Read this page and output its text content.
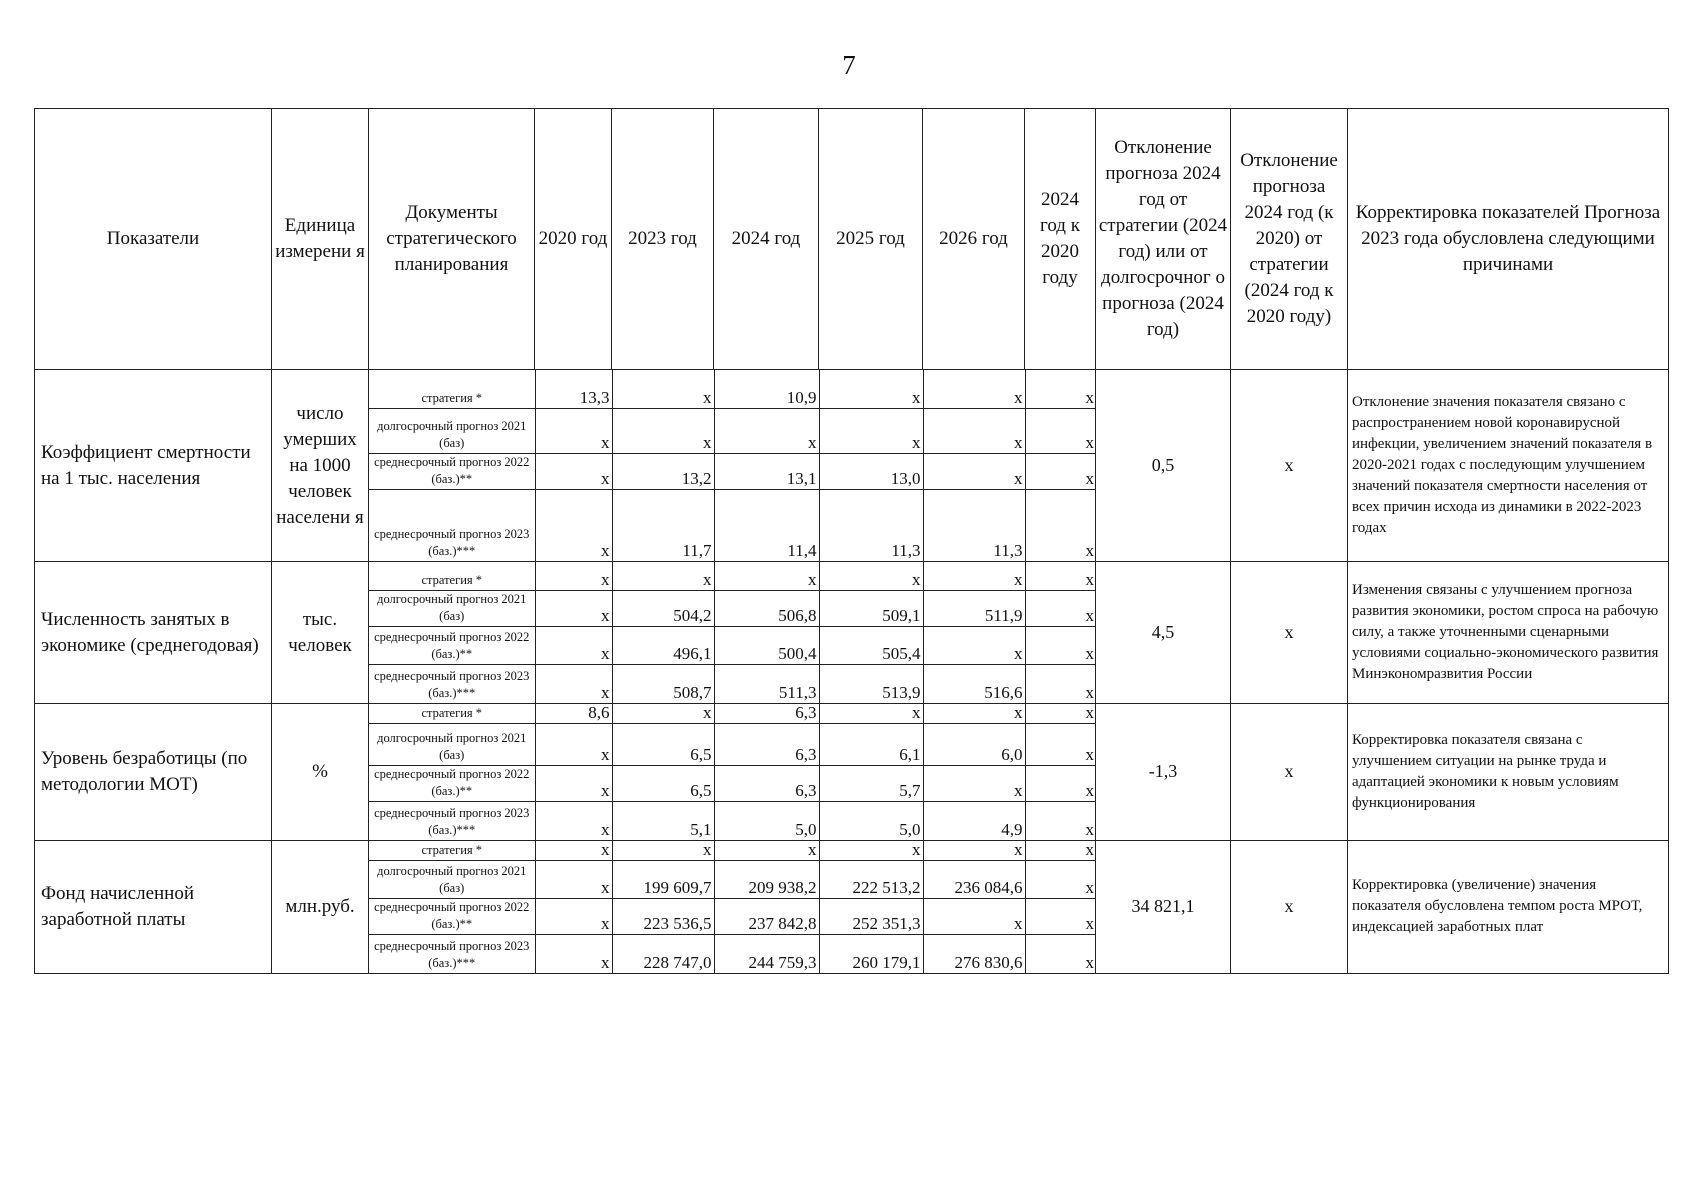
7
Показатели	Единица измерени я	Документы стратегического планирования	2020 год	2023 год	2024 год	2025 год	2026 год	2024 год к 2020 году	Отклонение прогноза 2024 год от стратегии (2024 год) или от долгосрочног о прогноза (2024 год)	Отклонение прогноза 2024 год (к 2020) от стратегии (2024 год к 2020 году)	Корректировка показателей Прогноза 2023 года обусловлена следующими причинами
Коэффициент смертности на 1 тыс. населения	число умерших на 1000 человек населени я	
стратегия *	13,3	х	10,9	х	х	х
долгосрочный прогноз 2021 (баз)	х	х	х	х	х	х
среднесрочный прогноз 2022 (баз.)**	х	13,2	13,1	13,0	х	х
среднесрочный прогноз 2023 (баз.)***	х	11,7	11,4	11,3	11,3	х
	0,5	х	Отклонение значения показателя связано с распространением новой коронавирусной инфекции, увеличением значений показателя в 2020-2021 годах с последующим улучшением значений показателя смертности населения от всех причин исхода из динамики в 2022-2023 годах
Численность занятых в экономике (среднегодовая)	тыс. человек	
стратегия *	х	х	х	х	х	х
долгосрочный прогноз 2021 (баз)	х	504,2	506,8	509,1	511,9	х
среднесрочный прогноз 2022 (баз.)**	х	496,1	500,4	505,4	х	х
среднесрочный прогноз 2023 (баз.)***	х	508,7	511,3	513,9	516,6	х
	4,5	х	Изменения связаны с улучшением прогноза развития экономики, ростом спроса на рабочую силу, а также уточненными сценарными условиями социально-экономического развития Минэкономразвития России
Уровень безработицы (по методологии МОТ)	%	
стратегия *	8,6	х	6,3	х	х	х
долгосрочный прогноз 2021 (баз)	х	6,5	6,3	6,1	6,0	х
среднесрочный прогноз 2022 (баз.)**	х	6,5	6,3	5,7	х	х
среднесрочный прогноз 2023 (баз.)***	х	5,1	5,0	5,0	4,9	х
	-1,3	х	Корректировка показателя связана с улучшением ситуации на рынке труда и адаптацией экономики к новым условиям функционирования
Фонд начисленной заработной платы	млн.руб.	
стратегия *	х	х	х	х	х	х
долгосрочный прогноз 2021 (баз)	х	199 609,7	209 938,2	222 513,2	236 084,6	х
среднесрочный прогноз 2022 (баз.)**	х	223 536,5	237 842,8	252 351,3	х	х
среднесрочный прогноз 2023 (баз.)***	х	228 747,0	244 759,3	260 179,1	276 830,6	х
	34 821,1	х	Корректировка (увеличение) значения показателя обусловлена темпом роста МРОТ, индексацией заработных плат
